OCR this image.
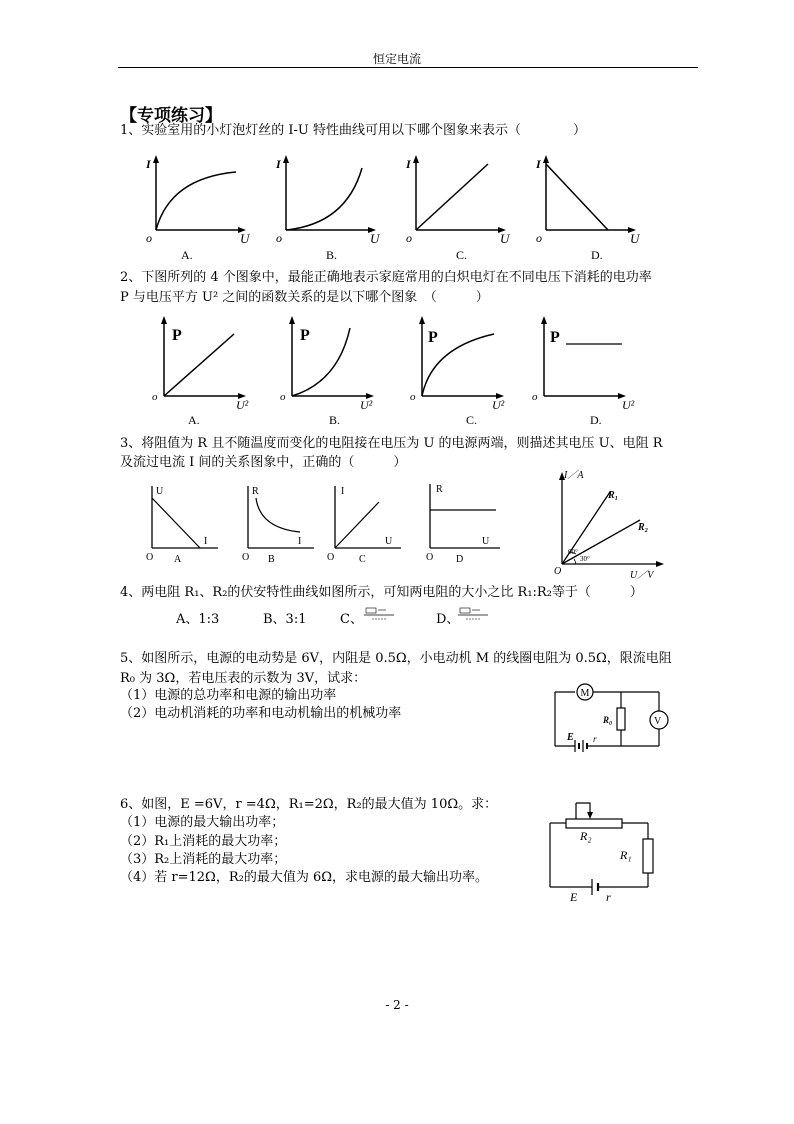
恒定电流
【专项练习】
1、实验室用的小灯泡灯丝的 I-U 特性曲线可用以下哪个图象来表示（　　　　）
I
o	U
A.
I
o	U
B.
I
o	U
C.
I
o	U
D.
2、下图所列的 4 个图象中，最能正确地表示家庭常用的白炽电灯在不同电压下消耗的电功率
P 与电压平方 U² 之间的函数关系的是以下哪个图象　（　　　）
P
o
U²
A.
P
o
U²
B.
P
o
U²
C.
P
o
U²
D.
3、将阻值为 R 且不随温度而变化的电阻接在电压为 U 的电源两端，则描述其电压 U、电阻 R
及流过电流 I 间的关系图象中，正确的（　　　）
U
I
O A
R
I
O B
I
U
O C
R
U
O D
I／A
R₁
R₂
60°
30°
O	U／V
4、两电阻 R₁、R₂的伏安特性曲线如图所示，可知两电阻的大小之比 R₁:R₂等于（　　　）
A、1:3	B、3:1	C、	D、
5、如图所示，电源的电动势是 6V，内阻是 0.5Ω，小电动机 M 的线圈电阻为 0.5Ω，限流电阻
R₀ 为 3Ω，若电压表的示数为 3V，试求：
（1）电源的总功率和电源的输出功率
（2）电动机消耗的功率和电动机输出的机械功率
M
V
R₀
E r
6、如图，E =6V，r =4Ω，R₁=2Ω，R₂的最大值为 10Ω。求：
（1）电源的最大输出功率；
（2）R₁上消耗的最大功率；
（3）R₂上消耗的最大功率；
（4）若 r=12Ω，R₂的最大值为 6Ω，求电源的最大输出功率。
R₂
R₁
E r
- 2 -
